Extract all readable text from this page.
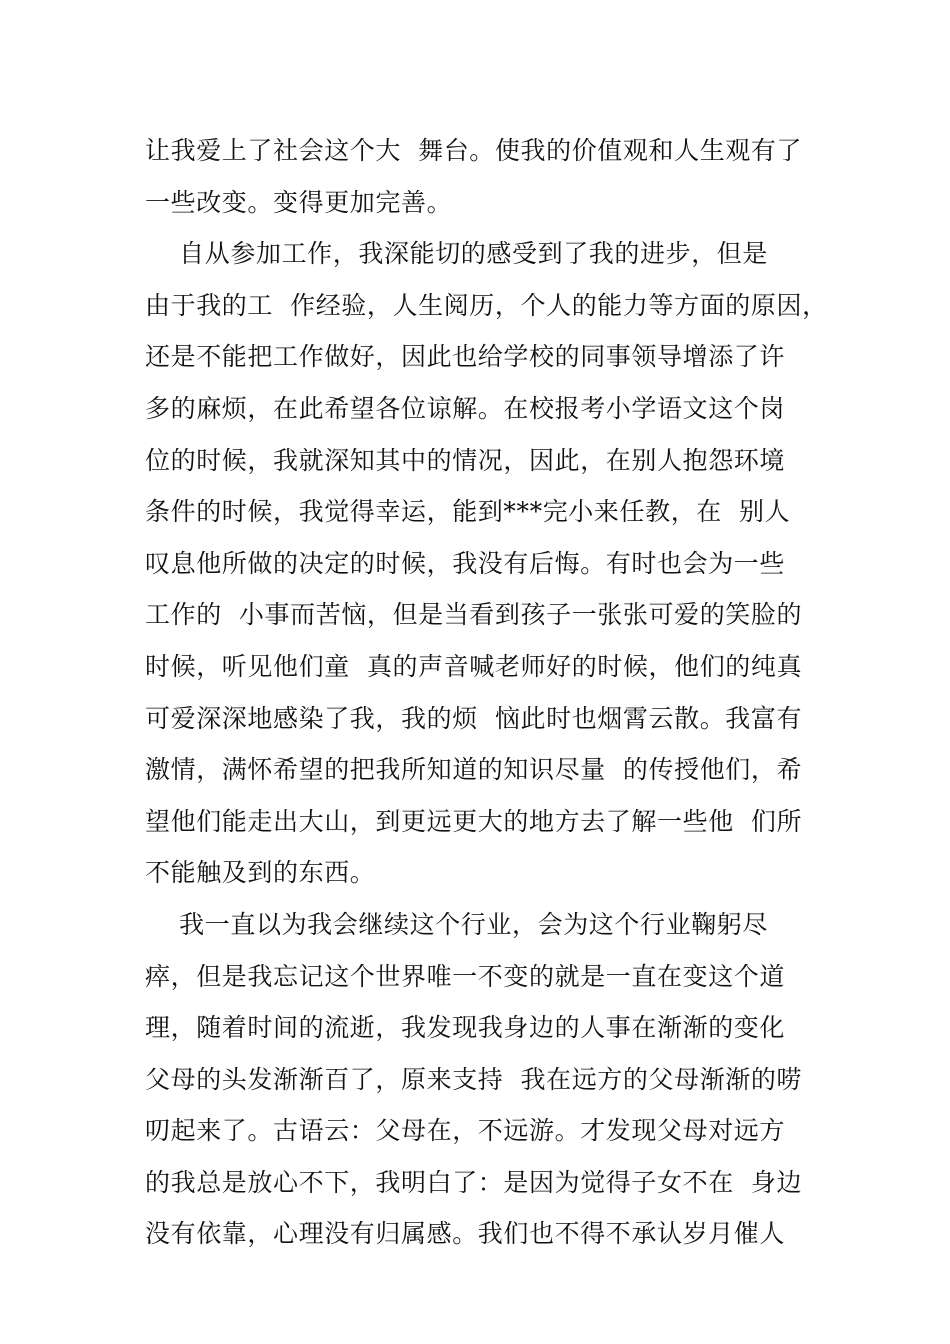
让我爱上了社会这个大  舞台。使我的价值观和人生观有了

一些改变。变得更加完善。

自从参加工作，我深能切的感受到了我的进步，但是

由于我的工  作经验，人生阅历，个人的能力等方面的原因，

还是不能把工作做好，因此也给学校的同事领导增添了许

多的麻烦，在此希望各位谅解。在校报考小学语文这个岗

位的时候，我就深知其中的情况，因此，在别人抱怨环境

条件的时候，我觉得幸运，能到***完小来任教，在  别人

叹息他所做的决定的时候，我没有后悔。有时也会为一些

工作的  小事而苦恼，但是当看到孩子一张张可爱的笑脸的

时候，听见他们童  真的声音喊老师好的时候，他们的纯真

可爱深深地感染了我，我的烦  恼此时也烟霄云散。我富有

激情，满怀希望的把我所知道的知识尽量  的传授他们，希

望他们能走出大山，到更远更大的地方去了解一些他  们所

不能触及到的东西。

我一直以为我会继续这个行业，会为这个行业鞠躬尽

瘁，但是我忘记这个世界唯一不变的就是一直在变这个道

理，随着时间的流逝，我发现我身边的人事在渐渐的变化

父母的头发渐渐百了，原来支持  我在远方的父母渐渐的唠

叨起来了。古语云：父母在，不远游。才发现父母对远方

的我总是放心不下，我明白了：是因为觉得子女不在  身边

没有依靠，心理没有归属感。我们也不得不承认岁月催人
